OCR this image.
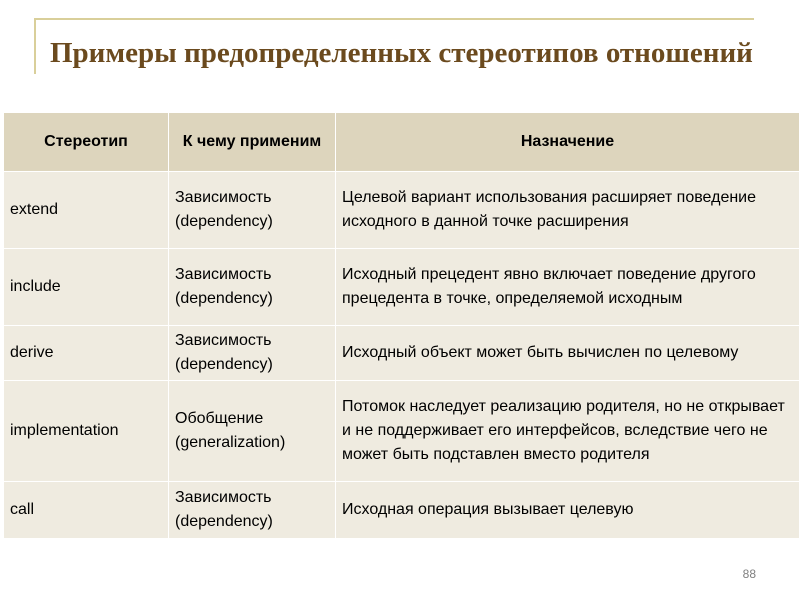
Примеры предопределенных стереотипов отношений
Стереотип	К чему применим	Назначение
extend	Зависимость (dependency)	Целевой вариант использования расширяет поведение исходного в данной точке расширения
include	Зависимость (dependency)	Исходный прецедент явно включает поведение другого прецедента в точке, определяемой исходным
derive	Зависимость (dependency)	Исходный объект может быть вычислен по целевому
implementation	Обобщение (generalization)	Потомок наследует реализацию родителя, но не открывает и не поддерживает его интерфейсов, вследствие чего не может быть подставлен вместо родителя
call	Зависимость (dependency)	Исходная операция вызывает целевую
88
